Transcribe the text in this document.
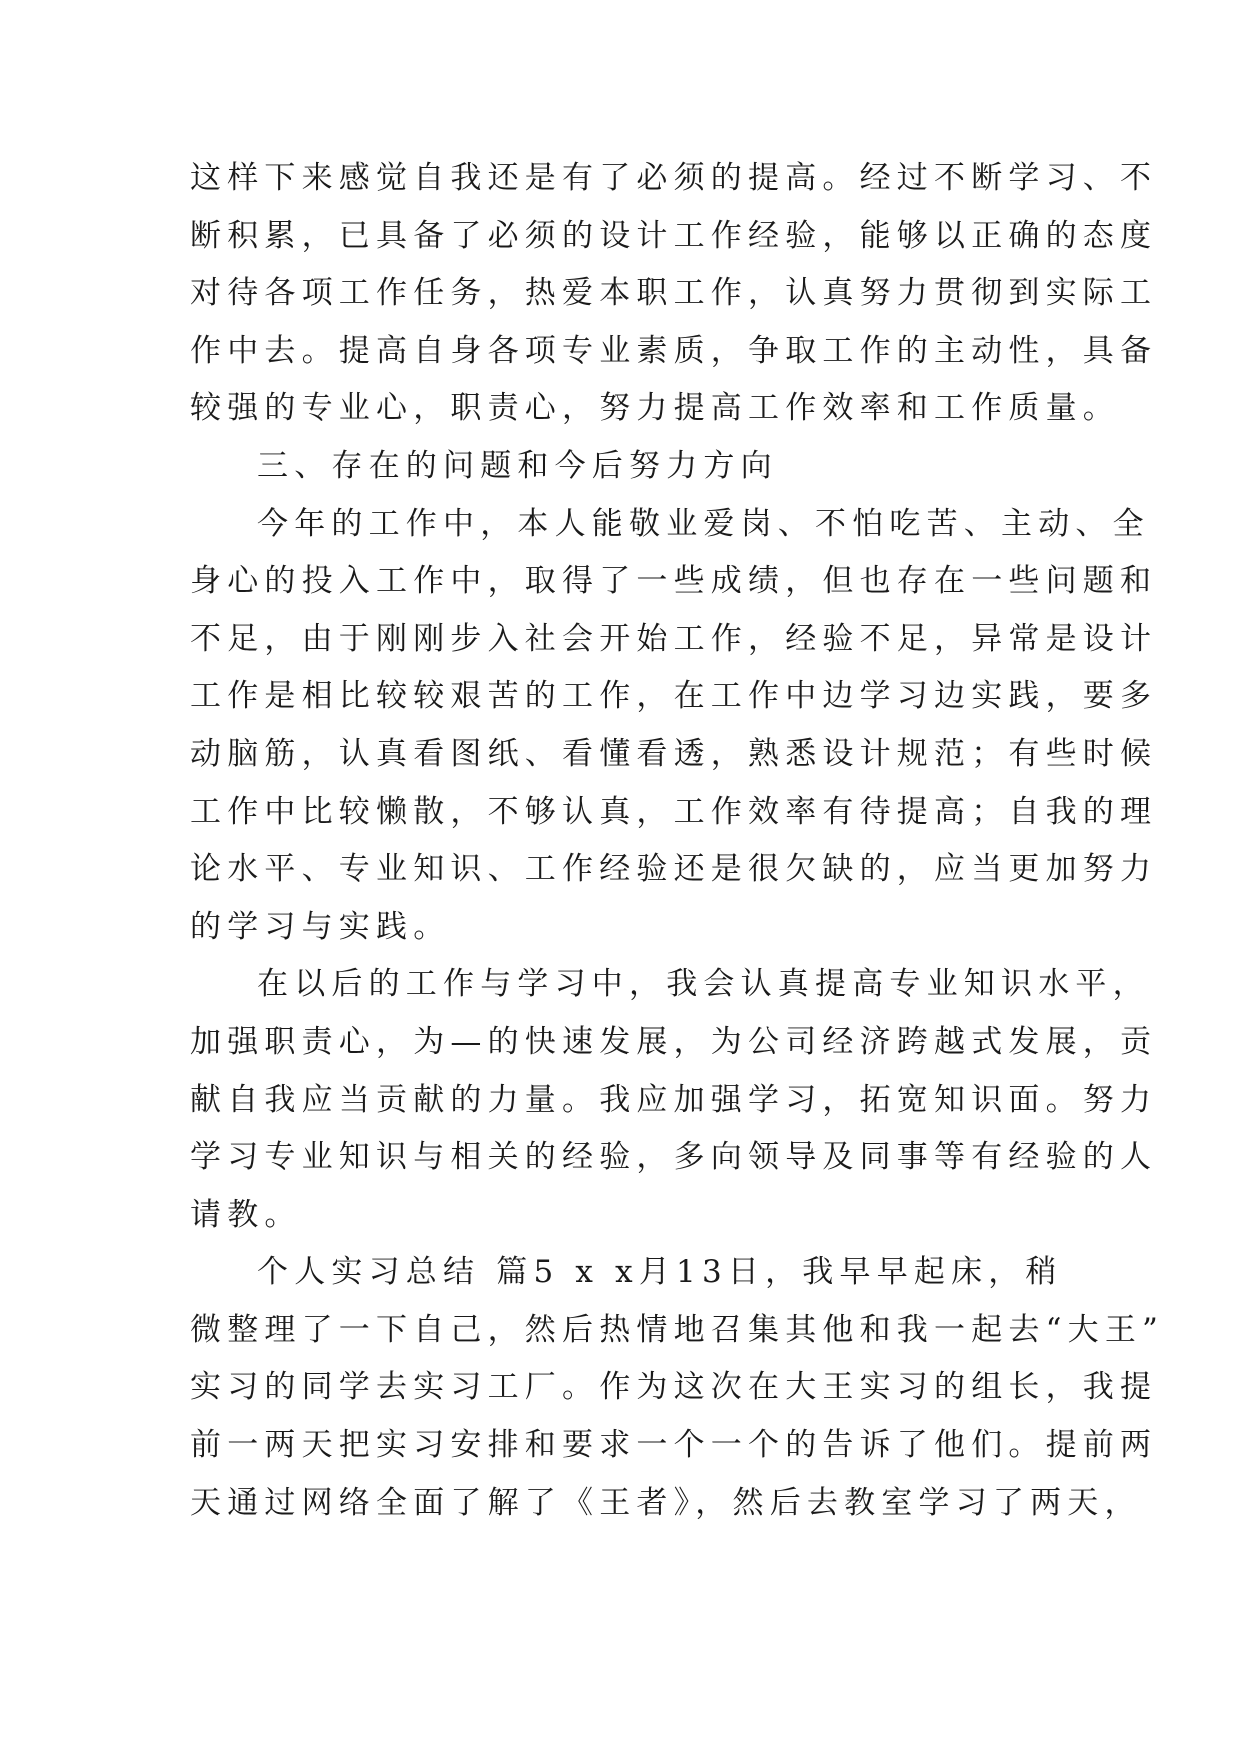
这样下来感觉自我还是有了必须的提高。经过不断学习、不
断积累，已具备了必须的设计工作经验，能够以正确的态度
对待各项工作任务，热爱本职工作，认真努力贯彻到实际工
作中去。提高自身各项专业素质，争取工作的主动性，具备
较强的专业心，职责心，努力提高工作效率和工作质量。
三、存在的问题和今后努力方向
今年的工作中，本人能敬业爱岗、不怕吃苦、主动、全
身心的投入工作中，取得了一些成绩，但也存在一些问题和
不足，由于刚刚步入社会开始工作，经验不足，异常是设计
工作是相比较较艰苦的工作，在工作中边学习边实践，要多
动脑筋，认真看图纸、看懂看透，熟悉设计规范；有些时候
工作中比较懒散，不够认真，工作效率有待提高；自我的理
论水平、专业知识、工作经验还是很欠缺的，应当更加努力
的学习与实践。
在以后的工作与学习中，我会认真提高专业知识水平，
加强职责心，为—的快速发展，为公司经济跨越式发展，贡
献自我应当贡献的力量。我应加强学习，拓宽知识面。努力
学习专业知识与相关的经验，多向领导及同事等有经验的人
请教。
个人实习总结 篇5 x x月13日，我早早起床，稍
微整理了一下自己，然后热情地召集其他和我一起去“大王”
实习的同学去实习工厂。作为这次在大王实习的组长，我提
前一两天把实习安排和要求一个一个的告诉了他们。提前两
天通过网络全面了解了《王者》，然后去教室学习了两天，
